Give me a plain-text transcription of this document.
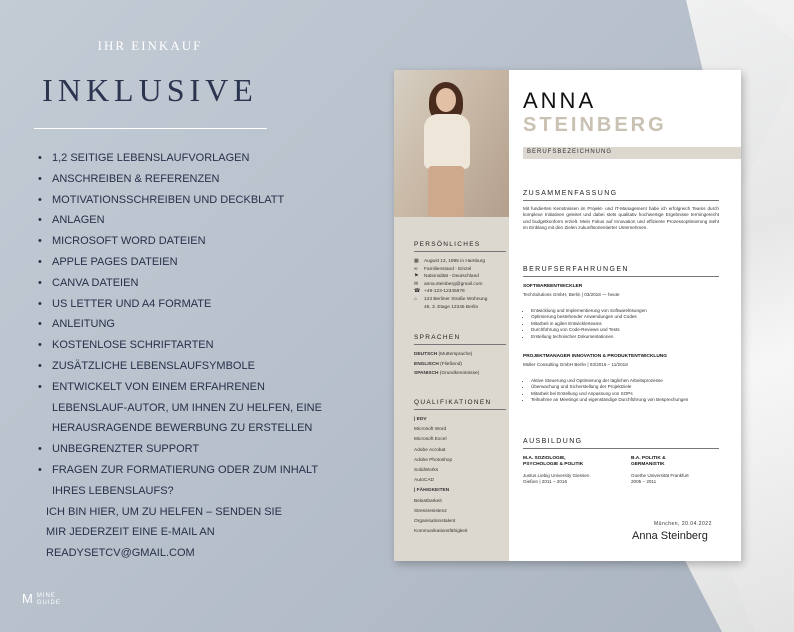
IHR EINKAUF
INKLUSIVE
• 1,2 SEITIGE LEBENSLAUFVORLAGEN
• ANSCHREIBEN & REFERENZEN
• MOTIVATIONSSCHREIBEN UND DECKBLATT
• ANLAGEN
• MICROSOFT WORD DATEIEN
• APPLE PAGES DATEIEN
• CANVA DATEIEN
• US LETTER UND A4 FORMATE
• ANLEITUNG
• KOSTENLOSE SCHRIFTARTEN
• ZUSÄTZLICHE LEBENSLAUFSYMBOLE
• ENTWICKELT VON EINEM ERFAHRENEN
LEBENSLAUF-AUTOR, UM IHNEN ZU HELFEN, EINE
HERAUSRAGENDE BEWERBUNG ZU ERSTELLEN
• UNBEGRENZTER SUPPORT
• FRAGEN ZUR FORMATIERUNG ODER ZUM INHALT
IHRES LEBENSLAUFS?
ICH BIN HIER, UM ZU HELFEN – SENDEN SIE
MIR JEDERZEIT EINE E-MAIL AN
READYSETCV@GMAIL.COM
M MINE
GUIDE
PERSÖNLICHES
▦ August 13, 1995 in Hamburg
∞ Familienstand - Einzel
⚑ Nationalität - Deutschland
✉ anna.steinberg@gmail.com
☎ +49-123-12345678
⌂ 123 Berliner Straße Wohnung
45, 3. Etage 12345 Berlin
SPRACHEN
DEUTSCH (Muttersprache)
ENGLISCH (Fließend)
SPANISCH (Grundkenntnisse)
QUALIFIKATIONEN
| EDV
Microsoft Word
Microsoft Excel
Adobe Acrobat
Adobe Photoshop
SolidWorks
AutoCAD
| FÄHIGKEITEN
Belastbarkeit
Stressresistenz
Organisationstalent
Kommunikationsfähigkeit
ANNA
STEINBERG
BERUFSBEZEICHNUNG
ZUSAMMENFASSUNG
Mit fundierten Kenntnissen im Projekt- und IT-Management habe ich erfolgreich Teams durch komplexe Initiativen geleitet und dabei stets qualitativ hochwertige Ergebnisse termingerecht und budgetkonform erzielt. Mein Fokus auf Innovation und effiziente Prozessoptimierung steht im Einklang mit den Zielen zukunftsorientierter Unternehmen.
BERUFSERFAHRUNGEN
SOFTWAREENTWICKLER
TechSolutions GmbH, Berlin | 03/2018 — heute
• Entwicklung und Implementierung von Softwarelösungen
• Optimierung bestehender Anwendungen und Codes
• Mitarbeit in agilen Entwicklerteams
• Durchführung von Code-Reviews und Tests
• Erstellung technischer Dokumentationen
PROJEKTMANAGER INNOVATION & PRODUKTENTWICKLUNG
Müller Consulting GmbH Berlin | 03/2016 – 11/2018
• Aktive Steuerung und Optimierung der täglichen Arbeitsprozesse
• Überwachung und Sicherstellung der Projektziele
• Mitarbeit bei Erstellung und Anpassung von SOPs
• Teilnahme an Meetings und eigenständige Durchführung von Besprechungen
AUSBILDUNG
M.A. SOZIOLOGIE,
PSYCHOLOGIE & POLITIK
Justus Liebig University Giessen
Gießen | 2011 – 2016
B.A. POLITIK &
GERMANISTIK
Goethe Universität Frankfurt
2005 – 2011
München, 20.04.2022
Anna Steinberg
